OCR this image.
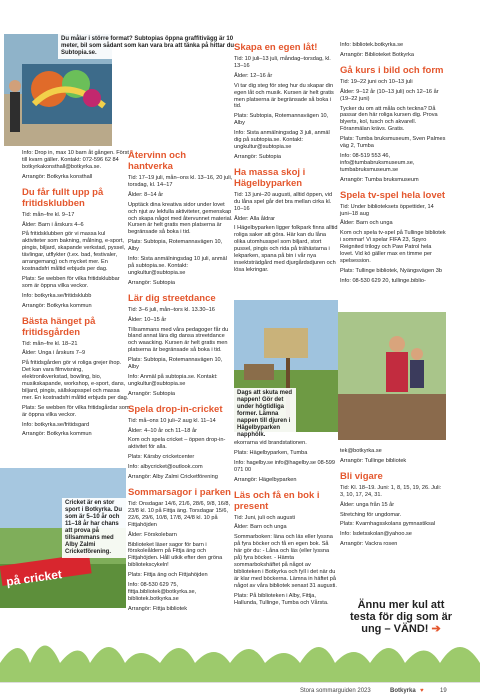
Du målar i större format? Subtopias öppna graffitivägg är 10 meter, bil som sådant som kan vara bra att tänka på hittar du Subtopia.se.
Info: Drop in, max 10 barn åt gången. Först till kvarn gäller. Kontakt: 072-596 62 84 botkyrkakonsthall@botkyrka.se.
Arrangör: Botkyrka konsthall
Du får fullt upp på fritidsklubben
Tid: mån–fre kl. 9–17
Ålder: Barn i årskurs 4–6
På fritidsklubben gör vi massa kul aktiviteter som bakning, målning, e-sport, pingis, biljard, skapande verkstad, pyssel, tävlingar, utflykter (t.ex. bad, festivaler, arrangemang) och mycket mer. En kostnadsfri måltid erbjuds per dag.
Plats: Se webben för vilka fritidsklubbar som är öppna vilka veckor.
Info: botkyrka.se/fritidsklubb
Arrangör: Botkyrka kommun
Bästa hänget på fritidsgården
Tid: mån–fre kl. 18–21
Ålder: Unga i årskurs 7–9
På fritidsgården gör vi roliga grejer ihop. Det kan vara filmvisning, elektronikverkstad, bowling, bio, musikskapande, workshop, e-sport, dans, biljard, pingis, sällskapsspel och massa mer. En kostnadsfri måltid erbjuds per dag.
Plats: Se webben för vilka fritidsgårdar som är öppna vilka veckor.
Info: botkyrka.se/fritidsgard
Arrangör: Botkyrka kommun
på cricket
Cricket är en stor sport i Botkyrka. Du som är 5–10 år och 11–18 år har chans att prova på tillsammans med Alby Zalmi Cricketförening.
Återvinn och hantverka
Tid: 17–19 juli, mån–ons kl. 13–16, 20 juli, torsdag, kl. 14–17
Ålder: 8–14 år
Upptäck dina kreativa sidor under lovet och njut av lekfulla aktiviteter, gemenskap och skapa något med återvunnet material. Kursen är helt gratis men platserna är begränsade så boka i tid.
Plats: Subtopia, Rotemannavägen 10, Alby
Info: Sista anmälningsdag 10 juli, anmäl på subtopia.se. Kontakt: ungkultur@subtopia.se
Arrangör: Subtopia
Lär dig streetdance
Tid: 3–6 juli, mån–tors kl. 13.30–16
Ålder: 10–15 år
Tillsammans med våra pedagoger får du bland annat lära dig dansa streetdance och waacking. Kursen är helt gratis men platserna är begränsade så boka i tid.
Plats: Subtopia, Rotemannavägen 10, Alby
Info: Anmäl på subtopia.se. Kontakt: ungkultur@subtopia.se
Arrangör: Subtopia
Spela drop-in-cricket
Tid: må–ons 10 juli–2 aug kl. 11–14
Ålder: 4–10 år och 11–18 år
Kom och spela cricket – öppen drop-in-aktivitet för alla.
Plats: Kärsby cricketcenter
Info: albycricket@outlook.com
Arrangör: Alby Zalmi Cricketförening
Sommarsagor i parken
Tid: Onsdagar 14/6, 21/6, 28/6, 9/8, 16/8, 23/8 kl. 10 på Fittja äng. Torsdagar 15/6, 22/6, 29/6, 10/8, 17/8, 24/8 kl. 10 på Fittjahöjden
Ålder: Förskolebarn
Biblioteket läser sagor för barn i förskoleåldern på Fittja äng och Fittjahöjden. Håll utkik efter den gröna bibliotekscykeln!
Plats: Fittja äng och Fittjahöjden
Info: 08-530 629 75, fittja.bibliotek@botkyrka.se, bibliotek.botkyrka.se
Arrangör: Fittja bibliotek
Skapa en egen låt!
Tid: 10 juli–13 juli, måndag–torsdag, kl. 13–16
Ålder: 12–16 år
Vi tar dig steg för steg hur du skapar din egen låt och musik. Kursen är helt gratis men platserna är begränsade så boka i tid.
Plats: Subtopia, Rotemannavägen 10, Alby
Info: Sista anmälningsdag 3 juli, anmäl dig på subtopia.se. Kontakt: ungkultur@subtopia.se
Arrangör: Subtopia
Ha massa skoj i Hägelbyparken
Tid: 13 juni–20 augusti, alltid öppen, vid du låna spel går det bra mellan cirka kl. 10–16
Ålder: Alla åldrar
I Hägelbyparken ligger folkpark finns alltid roliga saker att göra. Här kan du låna olika utomhusspel som biljard, stort pussel, pingis och rida på trähästarna i lekparken, spana på bin i vår nya insektsträdgård med djurgårdsdjuren och lösa lekringar.
Dags att skuta med nappen! Gör det under högtidliga former. Lämna nappen till djuren i Hägelbyparken napphölk.
ekorrarna vid brandstationen.
Plats: Hägelbyparken, Tumba
Info: hagelby.se info@hagelby.se 08-599 071 00
Arrangör: Hägelbyparken
Läs och få en bok i present
Tid: Juni, juli och augusti
Ålder: Barn och unga
Sommarboken: läna och läs eller lyssna på fyra böcker och få en egen bok. Så här gör du: - Låna och läs (eller lyssna på) fyra böcker. - Hämta sommarbokshäftet på något av biblioteken i Botkyrka och fyll i det när du är klar med böckerna. Lämna in häftet på något av våra bibliotek senast 31 augusti.
Plats: På biblioteken i Alby, Fittja, Hallunda, Tullinge, Tumba och Vårsta.
Info: bibliotek.botkyrka.se
Arrangör: Biblioteket Botkyrka
Gå kurs i bild och form
Tid: 19–22 juni och 10–13 juli
Ålder: 9–12 år (10–13 juli) och 12–16 år (19–22 juni)
Tycker du om att måla och teckna? Då passar den här roliga kursen dig. Prova blyerts, kol, tusch och akvarell. Föranmälan krävs. Gratis.
Plats: Tumba bruksmuseum, Sven Palmes väg 2, Tumba
Info: 08-519 553 46, info@tumbabruksmuseum.se, tumbabruksmuseum.se
Arrangör: Tumba bruksmuseum
Spela tv-spel hela lovet
Tid: Under biblioteksets öppettider, 14 juni–18 aug
Ålder: Barn och unga
Kom och spela tv-spel på Tullinge bibliotek i sommar! Vi spelar FIFA 23, Spyro Reignited trilogy och Paw Patrol hela lovet. Vid kö gäller max en timme per spelsession.
Plats: Tullinge bibliotek, Nyängsvägen 3b
Info: 08-530 629 20, tullinge.biblio-
tek@botkyrka.se
Arrangör: Tullinge bibliotek
Bli vigare
Tid: Kl. 18–19. Juni: 1, 8, 15, 19, 26. Juli: 3, 10, 17, 24, 31.
Ålder: unga från 15 år
Stretching för ungdomar.
Plats: Kvarnhagsskolans gymnastiksal
Info: Isdetsskolan@yahoo.se
Arrangör: Vackra rosen
Ännu mer kul att testa för dig som är ung – VÄND! ➔
Stora sommarguiden 2023	Botkyrka ♥	19
